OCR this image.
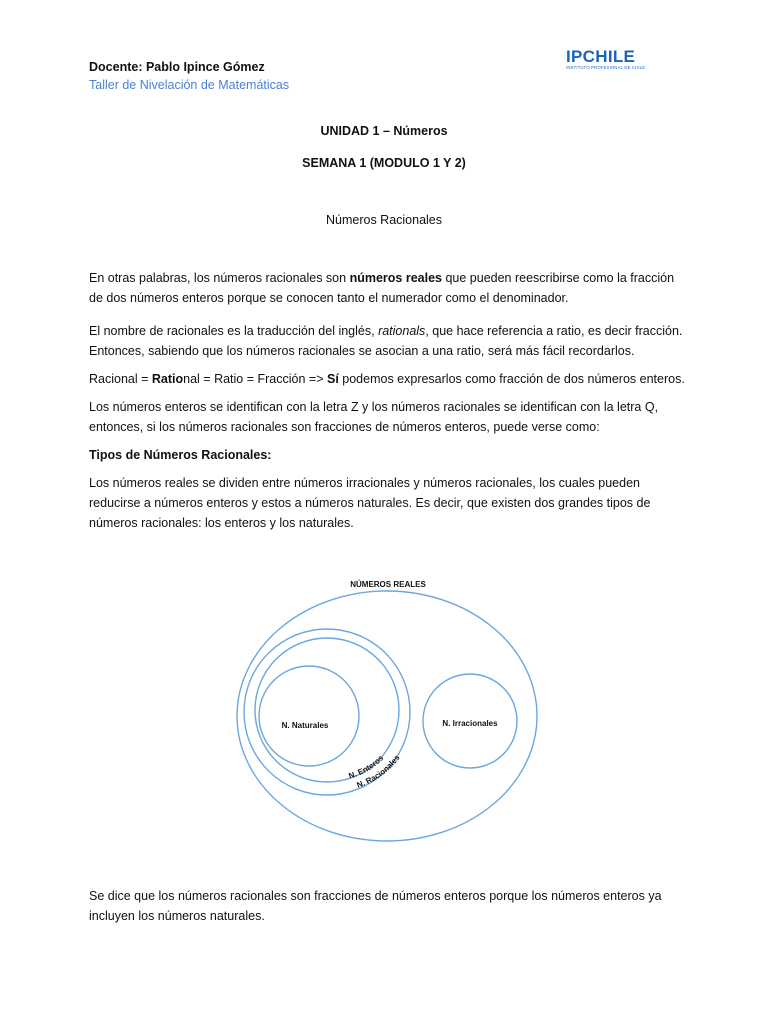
Docente: Pablo Ipince Gómez
Taller de Nivelación de Matemáticas
IPCHILE
INSTITUTO PROFESIONAL DE CHILE
UNIDAD 1 – Números
SEMANA 1 (MODULO 1 Y 2)
Números Racionales
En otras palabras, los números racionales son números reales que pueden reescribirse como la fracción de dos números enteros porque se conocen tanto el numerador como el denominador.
El nombre de racionales es la traducción del inglés, rationals, que hace referencia a ratio, es decir fracción. Entonces, sabiendo que los números racionales se asocian a una ratio, será más fácil recordarlos.
Racional = Rational = Ratio = Fracción => Sí podemos expresarlos como fracción de dos números enteros.
Los números enteros se identifican con la letra Z y los números racionales se identifican con la letra Q, entonces, si los números racionales son fracciones de números enteros, puede verse como:
Tipos de Números Racionales:
Los números reales se dividen entre números irracionales y números racionales, los cuales pueden reducirse a números enteros y estos a números naturales. Es decir, que existen dos grandes tipos de números racionales: los enteros y los naturales.
NÚMEROS REALES
N. Naturales	N. Irracionales
N. Enteros
N. Racionales
Se dice que los números racionales son fracciones de números enteros porque los números enteros ya incluyen los números naturales.
